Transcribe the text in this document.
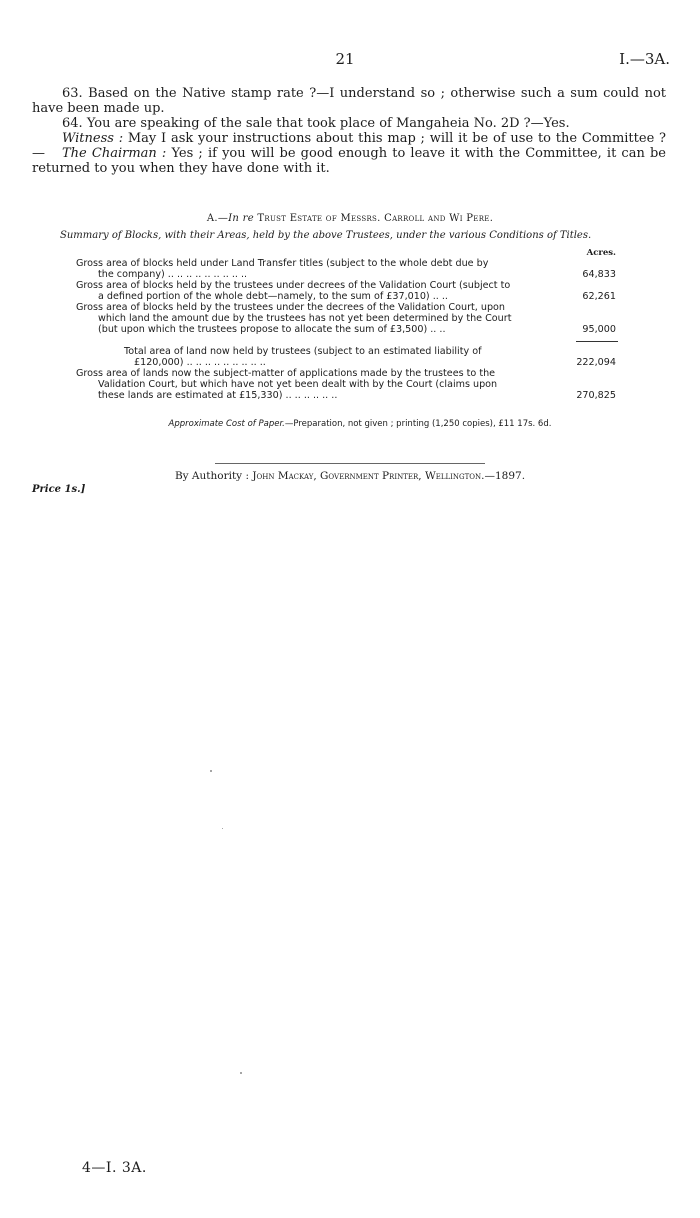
21	I.—3A.
63. Based on the Native stamp rate ?—I understand so ; otherwise such a sum could not have been made up.
64. You are speaking of the sale that took place of Mangaheia No. 2D ?—Yes.
Witness : May I ask your instructions about this map ; will it be of use to the Committee ?—	The Chairman : Yes ; if you will be good enough to leave it with the Committee, it can be returned to you when they have done with it.
A.—In re Trust Estate of Messrs. Carroll and Wi Pere.
Summary of Blocks, with their Areas, held by the above Trustees, under the various Conditions of Titles.
Acres.
Gross area of blocks held under Land Transfer titles (subject to the whole debt due by
the company) .. .. .. .. .. .. .. .. ..	64,833
Gross area of blocks held by the trustees under decrees of the Validation Court (subject to
a defined portion of the whole debt—namely, to the sum of £37,010) .. ..	62,261
Gross area of blocks held by the trustees under the decrees of the Validation Court, upon
which land the amount due by the trustees has not yet been determined by the Court
(but upon which the trustees propose to allocate the sum of £3,500) .. ..	95,000
Total area of land now held by trustees (subject to an estimated liability of
£120,000) .. .. .. .. .. .. .. .. ..	222,094
Gross area of lands now the subject-matter of applications made by the trustees to the
Validation Court, but which have not yet been dealt with by the Court (claims upon
these lands are estimated at £15,330) .. .. .. .. .. ..	270,825
Approximate Cost of Paper.—Preparation, not given ; printing (1,250 copies), £11 17s. 6d.
By Authority : John Mackay, Government Printer, Wellington.—1897.
Price 1s.]
4—I. 3A.
